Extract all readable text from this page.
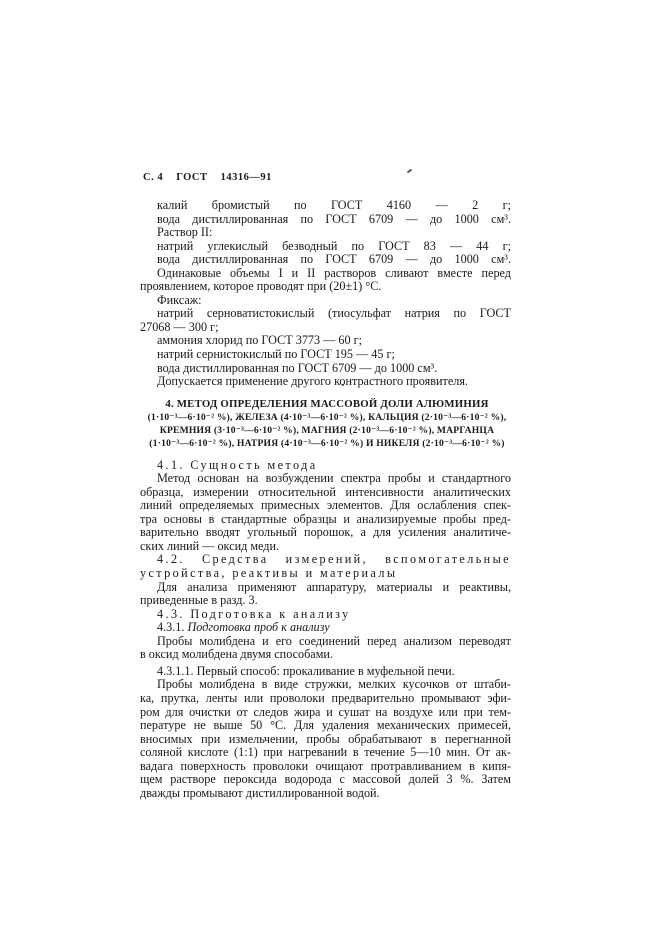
С. 4 ГОСТ 14316—91
калий бромистый по ГОСТ 4160 — 2 г;
вода дистиллированная по ГОСТ 6709 — до 1000 см³.
Раствор II:
натрий углекислый безводный по ГОСТ 83 — 44 г;
вода дистиллированная по ГОСТ 6709 — до 1000 см³.
Одинаковые объемы I и II растворов сливают вместе перед
проявлением, которое проводят при (20±1) °С.
Фиксаж:
натрий серноватистокислый (тиосульфат натрия по ГОСТ
27068 — 300 г;
аммония хлорид по ГОСТ 3773 — 60 г;
натрий сернистокислый по ГОСТ 195 — 45 г;
вода дистиллированная по ГОСТ 6709 — до 1000 см³.
Допускается применение другого контрастного проявителя.
4. МЕТОД ОПРЕДЕЛЕНИЯ МАССОВОЙ ДОЛИ АЛЮМИНИЯ
(1·10⁻³—6·10⁻² %), ЖЕЛЕЗА (4·10⁻³—6·10⁻² %), КАЛЬЦИЯ (2·10⁻³—6·10⁻² %),
КРЕМНИЯ (3·10⁻³—6·10⁻² %), МАГНИЯ (2·10⁻³—6·10⁻² %), МАРГАНЦА
(1·10⁻³—6·10⁻² %), НАТРИЯ (4·10⁻³—6·10⁻² %) И НИКЕЛЯ (2·10⁻³—6·10⁻² %)
4.1. Сущность метода
Метод основан на возбуждении спектра пробы и стандартного
образца, измерении относительной интенсивности аналитических
линий определяемых примесных элементов. Для ослабления спек-
тра основы в стандартные образцы и анализируемые пробы пред-
варительно вводят угольный порошок, а для усиления аналитиче-
ских линий — оксид меди.
4.2. Средства измерений, вспомогательные
устройства, реактивы и материалы
Для анализа применяют аппаратуру, материалы и реактивы,
приведенные в разд. 3.
4.3. Подготовка к анализу
4.3.1. Подготовка проб к анализу
Пробы молибдена и его соединений перед анализом переводят
в оксид молибдена двумя способами.
4.3.1.1. Первый способ: прокаливание в муфельной печи.
Пробы молибдена в виде стружки, мелких кусочков от штаби-
ка, прутка, ленты или проволоки предварительно промывают эфи-
ром для очистки от следов жира и сушат на воздухе или при тем-
пературе не выше 50 °С. Для удаления механических примесей,
вносимых при измельчении, пробы обрабатывают в перегнанной
соляной кислоте (1:1) при нагревании в течение 5—10 мин. От ак-
вадага поверхность проволоки очищают протравливанием в кипя-
щем растворе пероксида водорода с массовой долей 3 %. Затем
дважды промывают дистиллированной водой.
